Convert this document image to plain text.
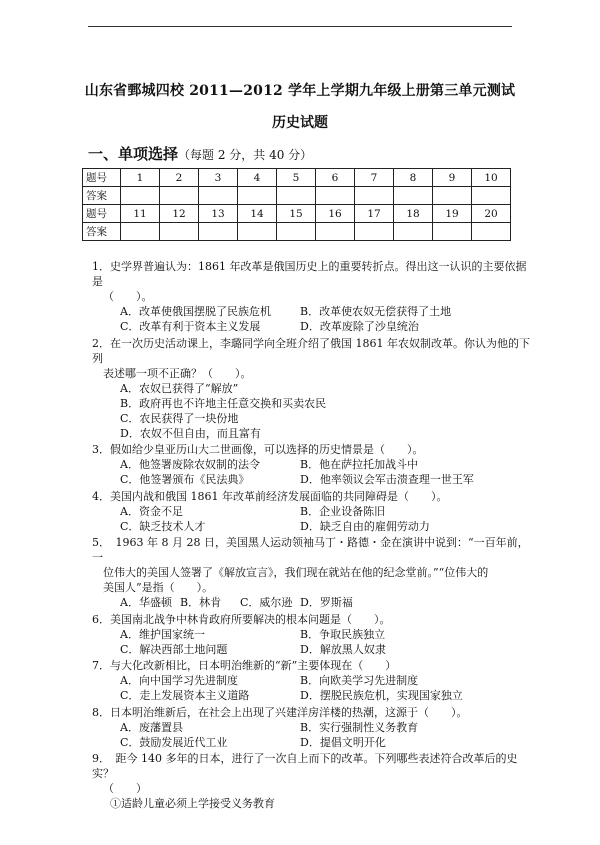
山东省鄄城四校 2011—2012 学年上学期九年级上册第三单元测试
历史试题
一、单项选择（每题 2 分，共 40 分）
题号	1	2	3	4	5	6	7	8	9	10
答案										
题号	11	12	13	14	15	16	17	18	19	20
答案										
1．史学界普遍认为：1861 年改革是俄国历史上的重要转折点。得出这一认识的主要依据是
（　　）。
A．改革使俄国摆脱了民族危机	B．改革使农奴无偿获得了土地
C．改革有利于资本主义发展	D．改革废除了沙皇统治
2．在一次历史活动课上，李璐同学向全班介绍了俄国 1861 年农奴制改革。你认为他的下列
表述哪一项不正确？（　　）。
A．农奴已获得了“解放”
B．政府再也不许地主任意交换和买卖农民
C．农民获得了一块份地
D．农奴不但自由，而且富有
3．假如给少皇亚历山大二世画像，可以选择的历史情景是（　　）。
A．他签署废除农奴制的法令	B．他在萨拉托加战斗中
C．他签署颁布《民法典》	D．他率领议会军击溃查理一世王军
4．美国内战和俄国 1861 年改革前经济发展面临的共同障碍是（　　）。
A．资金不足	B．企业设备陈旧
C．缺乏技术人才	D．缺乏自由的雇佣劳动力
5．　1963 年 8 月 28 日，美国黑人运动领袖马丁・路德・金在演讲中说到：“一百年前，一
位伟大的美国人签署了《解放宣言》，我们现在就站在他的纪念堂前。”“位伟大的
美国人”是指（　　）。
A．华盛顿 B．林肯	C．威尔逊 D．罗斯福
6．美国南北战争中林肯政府所要解决的根本问题是（　　）。
A．维护国家统一	B．争取民族独立
C．解决西部土地问题	D．解放黑人奴隶
7．与大化改新相比，日本明治维新的“新”主要体现在（　　）
A．向中国学习先进制度	B．向欧美学习先进制度
C．走上发展资本主义道路	D．摆脱民族危机，实现国家独立
8．日本明治维新后，在社会上出现了兴建洋房洋楼的热潮，这源于（　　）。
A．废藩置县	B．实行强制性义务教育
C．鼓励发展近代工业	D．提倡文明开化
9．　距今 140 多年的日本，进行了一次自上而下的改革。下列哪些表述符合改革后的史实？
（　　）
①适龄儿童必须上学接受义务教育
